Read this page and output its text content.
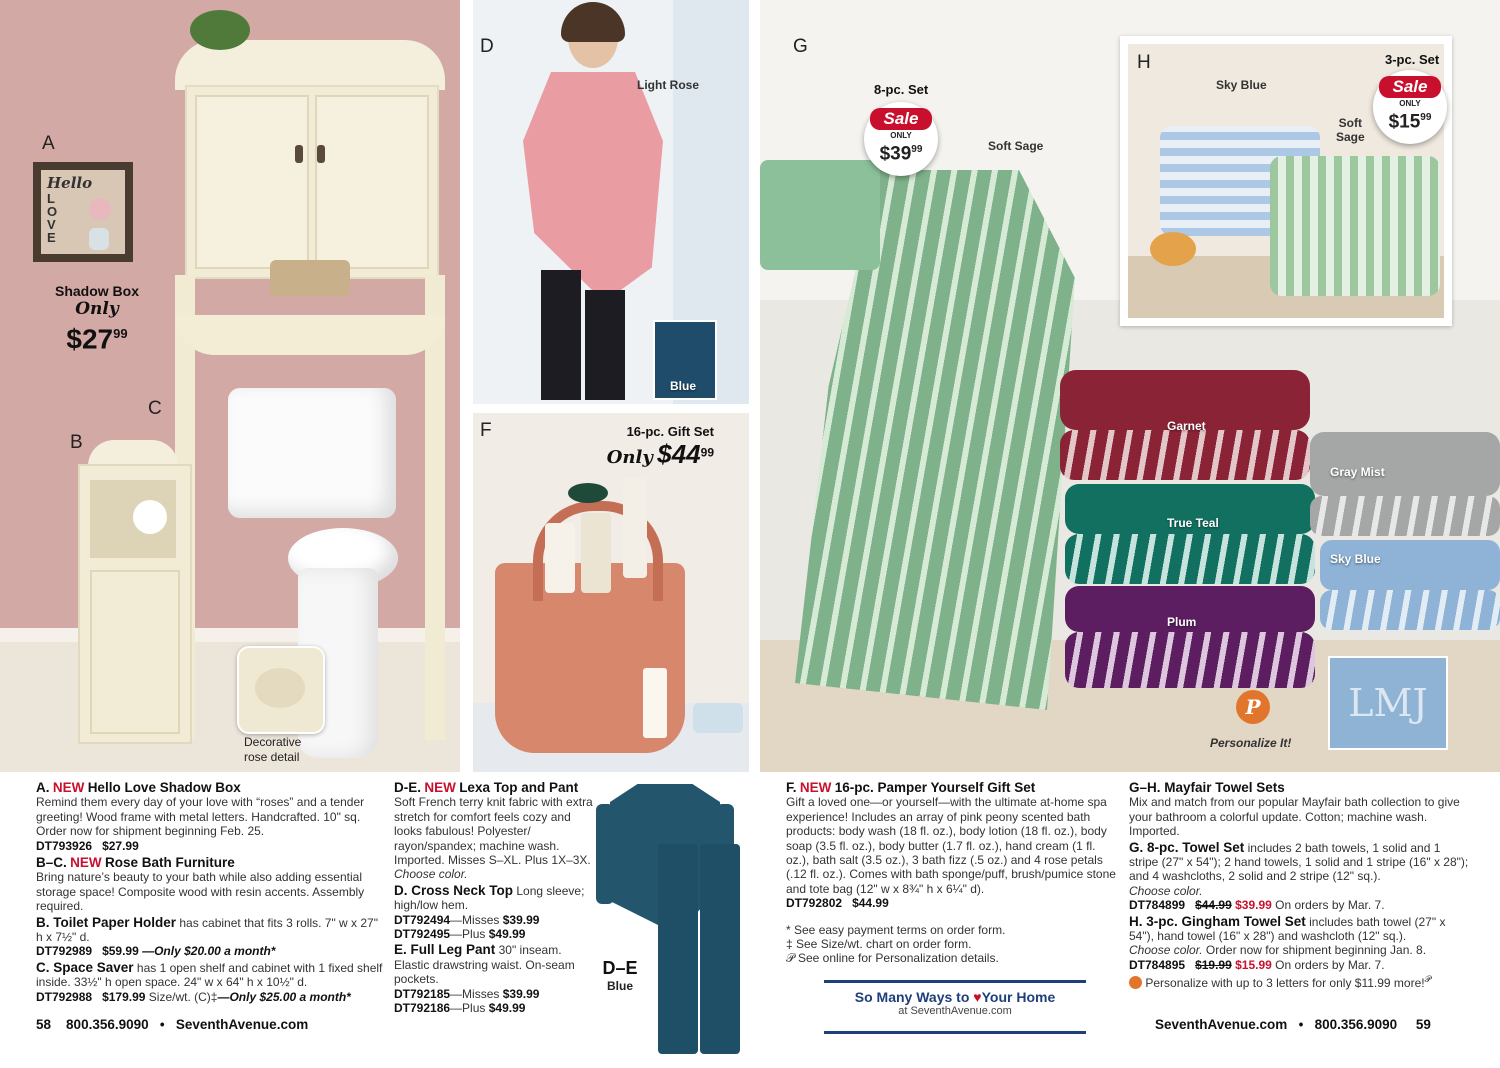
Hello
LOVE
A
B
C
Shadow Box
Only
$\$27^{99}$
Decorative
rose detail
D
Light Rose
Blue
F	16-pc. Gift Set
Only $\$44^{99}$
LMJ
P
Personalize It!
G
8-pc. Set
Sale
ONLY
$\$39^{99}$	Soft Sage
Garnet
True Teal
Plum
Gray Mist
Sky Blue
H	3-pc. Set
Sale
ONLY
$\$15^{99}$
Sky Blue
Soft
Sage

A. NEW Hello Love Shadow Box

Remind them every day of your love with “roses” and a tender greeting! Wood frame with metal letters. Handcrafted. 10" sq. Order now for shipment beginning Feb. 25.

DT793926 $27.99

B–C. NEW Rose Bath Furniture

Bring nature’s beauty to your bath while also adding essential storage space! Composite wood with resin accents. Assembly required.

B. Toilet Paper Holder has cabinet that fits 3 rolls. 7" w x 27" h x 7½" d.

DT792989 $59.99 —Only $20.00 a month*

C. Space Saver has 1 open shelf and cabinet with 1 fixed shelf inside. 33½" h open space. 24" w x 64" h x 10½" d.

DT792988 $179.99 Size/wt. (C)‡—Only $25.00 a month*

D-E. NEW Lexa Top and Pant

Soft French terry knit fabric with extra stretch for comfort feels cozy and looks fabulous! Polyester/ rayon/spandex; machine wash. Imported. Misses S–XL. Plus 1X–3X.

Choose color.

D. Cross Neck Top Long sleeve; high/low hem.

DT792494—Misses $39.99

DT792495—Plus $49.99

E. Full Leg Pant 30" inseam. Elastic drawstring waist. On-seam pockets.

DT792185—Misses $39.99

DT792186—Plus $49.99

D–E
Blue

F. NEW 16-pc. Pamper Yourself Gift Set

Gift a loved one—or yourself—with the ultimate at-home spa experience! Includes an array of pink peony scented bath products: body wash (18 fl. oz.), body lotion (18 fl. oz.), body soap (3.5 fl. oz.), body butter (1.7 fl. oz.), hand cream (1 fl. oz.), bath salt (3.5 oz.), 3 bath fizz (.5 oz.) and 4 rose petals (.12 fl. oz.). Comes with bath sponge/puff, brush/pumice stone and tote bag (12" w x 8¾" h x 6¼" d).

DT792802 $44.99

* See easy payment terms on order form.

‡ See Size/wt. chart on order form.

𝒫 See online for Personalization details.

So Many Ways to ♥Your Home
at SeventhAvenue.com

G–H. Mayfair Towel Sets

Mix and match from our popular Mayfair bath collection to give your bathroom a colorful update. Cotton; machine wash. Imported.

G. 8-pc. Towel Set includes 2 bath towels, 1 solid and 1 stripe (27" x 54"); 2 hand towels, 1 solid and 1 stripe (16" x 28"); and 4 washcloths, 2 solid and 2 stripe (12" sq.).

Choose color.

DT784899 $44.99 $39.99 On orders by Mar. 7.

H. 3-pc. Gingham Towel Set includes bath towel (27" x 54"), hand towel (16" x 28") and washcloth (12" sq.).

Choose color. Order now for shipment beginning Jan. 8.

DT784895 $19.99 $15.99 On orders by Mar. 7.

Personalize with up to 3 letters for only $11.99 more!$^𝒫$

58 800.356.9090 • SeventhAvenue.com	SeventhAvenue.com • 800.356.9090 59
